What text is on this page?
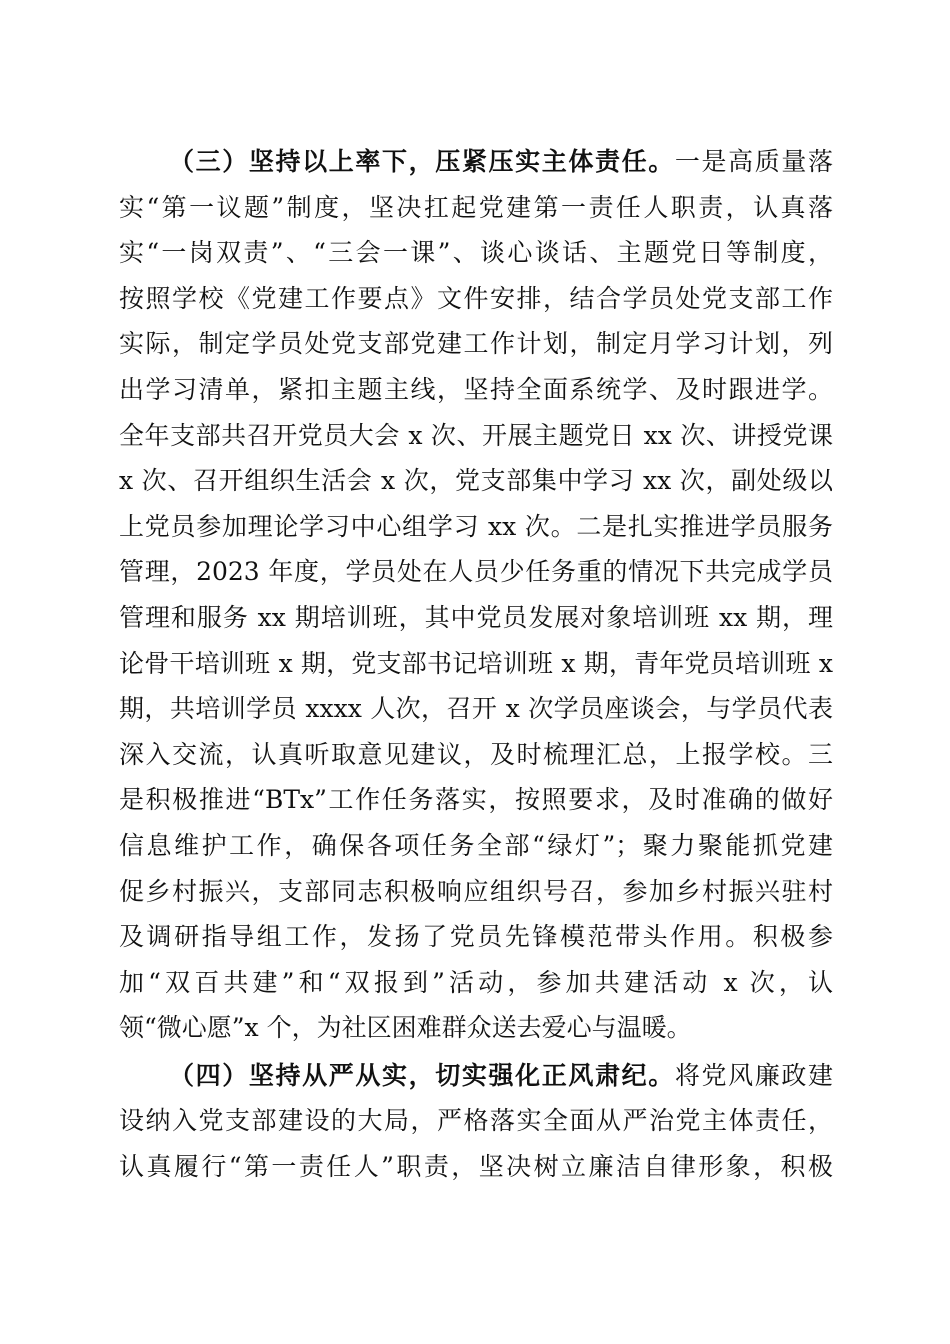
（三）坚持以上率下，压紧压实主体责任。一是高质量落
实“第一议题”制度，坚决扛起党建第一责任人职责，认真落
实“一岗双责”、“三会一课”、谈心谈话、主题党日等制度，
按照学校《党建工作要点》文件安排，结合学员处党支部工作
实际，制定学员处党支部党建工作计划，制定月学习计划，列
出学习清单，紧扣主题主线，坚持全面系统学、及时跟进学。
全年支部共召开党员大会 x 次、开展主题党日 xx 次、讲授党课
x 次、召开组织生活会 x 次，党支部集中学习 xx 次，副处级以
上党员参加理论学习中心组学习 xx 次。二是扎实推进学员服务
管理，2023 年度，学员处在人员少任务重的情况下共完成学员
管理和服务 xx 期培训班，其中党员发展对象培训班 xx 期，理
论骨干培训班 x 期，党支部书记培训班 x 期，青年党员培训班 x
期，共培训学员 xxxx 人次，召开 x 次学员座谈会，与学员代表
深入交流，认真听取意见建议，及时梳理汇总，上报学校。三
是积极推进“BTx”工作任务落实，按照要求，及时准确的做好
信息维护工作，确保各项任务全部“绿灯”；聚力聚能抓党建
促乡村振兴，支部同志积极响应组织号召，参加乡村振兴驻村
及调研指导组工作，发扬了党员先锋模范带头作用。积极参
加“双百共建”和“双报到”活动，参加共建活动 x 次，认
领“微心愿”x 个，为社区困难群众送去爱心与温暖。
（四）坚持从严从实，切实强化正风肃纪。将党风廉政建
设纳入党支部建设的大局，严格落实全面从严治党主体责任，
认真履行“第一责任人”职责，坚决树立廉洁自律形象，积极
